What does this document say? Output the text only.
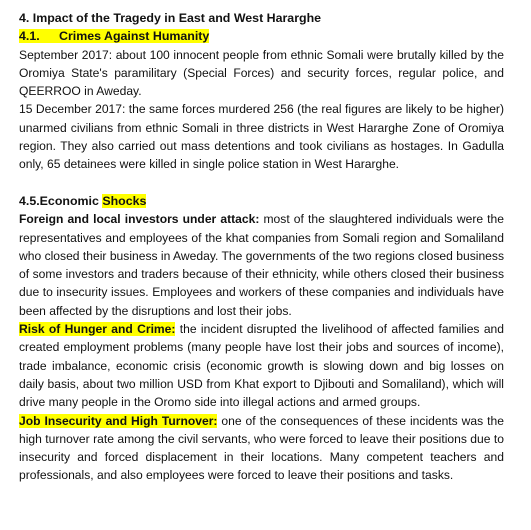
4. Impact of the Tragedy in East and West Hararghe

4.1. Crimes Against Humanity

September 2017: about 100 innocent people from ethnic Somali were brutally killed by the Oromiya State's paramilitary (Special Forces) and security forces, regular police, and QEERROO in Aweday.

15 December 2017: the same forces murdered 256 (the real figures are likely to be higher) unarmed civilians from ethnic Somali in three districts in West Hararghe Zone of Oromiya region. They also carried out mass detentions and took civilians as hostages. In Gadulla only, 65 detainees were killed in single police station in West Hararghe.

4.5.Economic Shocks

Foreign and local investors under attack: most of the slaughtered individuals were the representatives and employees of the khat companies from Somali region and Somaliland who closed their business in Aweday. The governments of the two regions closed business of some investors and traders because of their ethnicity, while others closed their business due to insecurity issues. Employees and workers of these companies and individuals have been affected by the disruptions and lost their jobs.

Risk of Hunger and Crime: the incident disrupted the livelihood of affected families and created employment problems (many people have lost their jobs and sources of income), trade imbalance, economic crisis (economic growth is slowing down and big losses on daily basis, about two million USD from Khat export to Djibouti and Somaliland), which will drive many people in the Oromo side into illegal actions and armed groups.

Job Insecurity and High Turnover: one of the consequences of these incidents was the high turnover rate among the civil servants, who were forced to leave their positions due to insecurity and forced displacement in their locations. Many competent teachers and professionals, and also employees were forced to leave their positions and tasks.
